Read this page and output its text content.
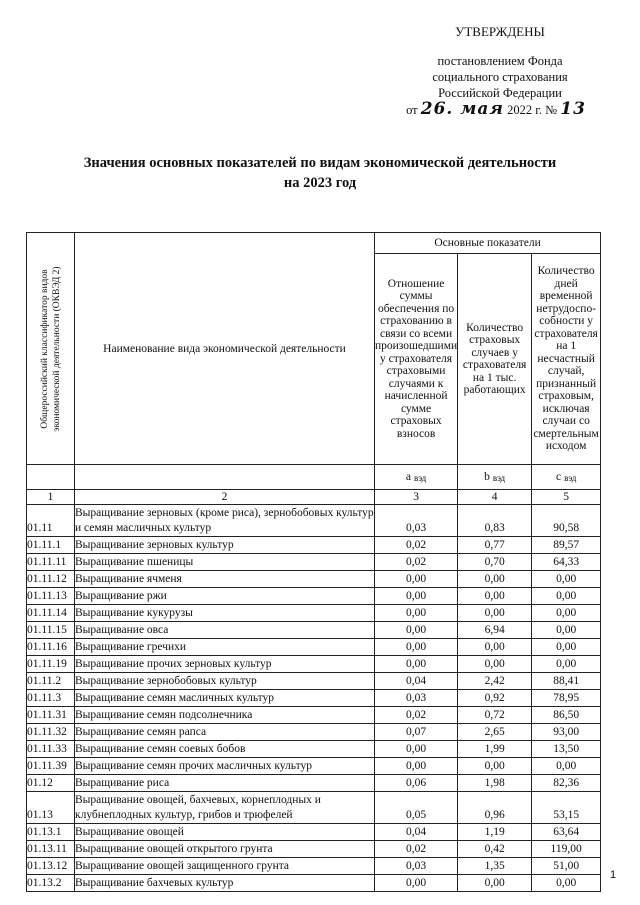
УТВЕРЖДЕНЫ
постановлением Фонда
социального страхования
Российской Федерации
от 26. мая 2022 г. № 13
Значения основных показателей по видам экономической деятельности
на 2023 год
Общероссийский классификатор видов экономической деятельности (ОКВЭД 2)	Наименование вида экономической деятельности	Основные показатели		
		Отношение суммы обеспечения по страхованию в связи со всеми произошедшими у страхователя страховыми случаями к начисленной сумме страховых взносов	Количество страховых случаев у страхователя на 1 тыс. работающих	Количество дней временной нетрудоспо-собности у страхователя на 1 несчастный случай, признанный страховым, исключая случаи со смертельным исходом
		a $_{вэд}$	b $_{вэд}$	c $_{вэд}$
1	2	3	4	5
01.11	Выращивание зерновых (кроме риса), зернобобовых культур и семян масличных культур	0,03	0,83	90,58
01.11.1	Выращивание зерновых культур	0,02	0,77	89,57
01.11.11	Выращивание пшеницы	0,02	0,70	64,33
01.11.12	Выращивание ячменя	0,00	0,00	0,00
01.11.13	Выращивание ржи	0,00	0,00	0,00
01.11.14	Выращивание кукурузы	0,00	0,00	0,00
01.11.15	Выращивание овса	0,00	6,94	0,00
01.11.16	Выращивание гречихи	0,00	0,00	0,00
01.11.19	Выращивание прочих зерновых культур	0,00	0,00	0,00
01.11.2	Выращивание зернобобовых культур	0,04	2,42	88,41
01.11.3	Выращивание семян масличных культур	0,03	0,92	78,95
01.11.31	Выращивание семян подсолнечника	0,02	0,72	86,50
01.11.32	Выращивание семян рапса	0,07	2,65	93,00
01.11.33	Выращивание семян соевых бобов	0,00	1,99	13,50
01.11.39	Выращивание семян прочих масличных культур	0,00	0,00	0,00
01.12	Выращивание риса	0,06	1,98	82,36
01.13	Выращивание овощей, бахчевых, корнеплодных и клубнеплодных культур, грибов и трюфелей	0,05	0,96	53,15
01.13.1	Выращивание овощей	0,04	1,19	63,64
01.13.11	Выращивание овощей открытого грунта	0,02	0,42	119,00
01.13.12	Выращивание овощей защищенного грунта	0,03	1,35	51,00
01.13.2	Выращивание бахчевых культур	0,00	0,00	0,00
1
